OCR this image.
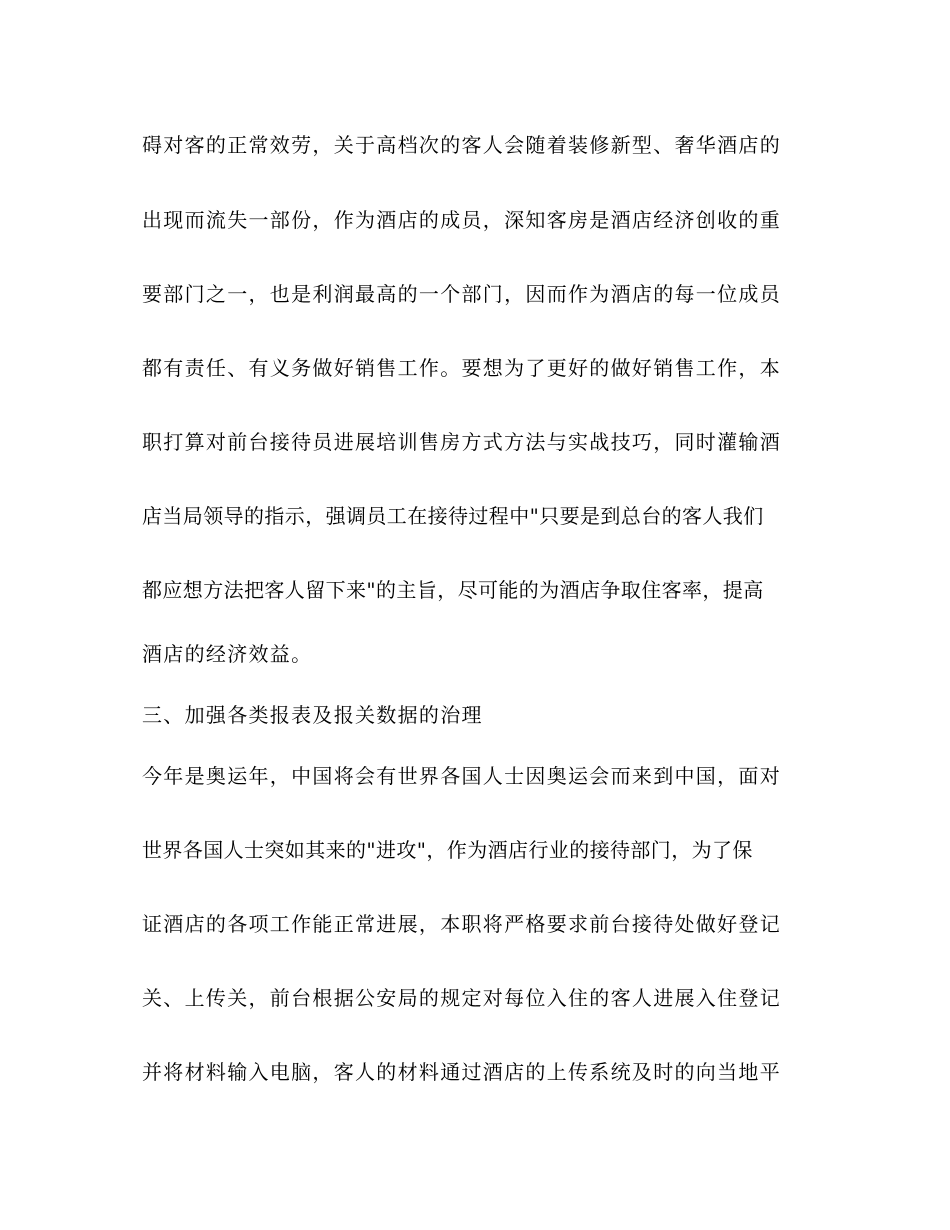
碍对客的正常效劳，关于高档次的客人会随着装修新型、奢华酒店的
出现而流失一部份，作为酒店的成员，深知客房是酒店经济创收的重
要部门之一，也是利润最高的一个部门，因而作为酒店的每一位成员
都有责任、有义务做好销售工作。要想为了更好的做好销售工作，本
职打算对前台接待员进展培训售房方式方法与实战技巧，同时灌输酒
店当局领导的指示，强调员工在接待过程中"只要是到总台的客人我们
都应想方法把客人留下来"的主旨，尽可能的为酒店争取住客率，提高
酒店的经济效益。
三、加强各类报表及报关数据的治理
今年是奥运年，中国将会有世界各国人士因奥运会而来到中国，面对
世界各国人士突如其来的"进攻"，作为酒店行业的接待部门，为了保
证酒店的各项工作能正常进展，本职将严格要求前台接待处做好登记
关、上传关，前台根据公安局的规定对每位入住的客人进展入住登记
并将材料输入电脑，客人的材料通过酒店的上传系统及时的向当地平
